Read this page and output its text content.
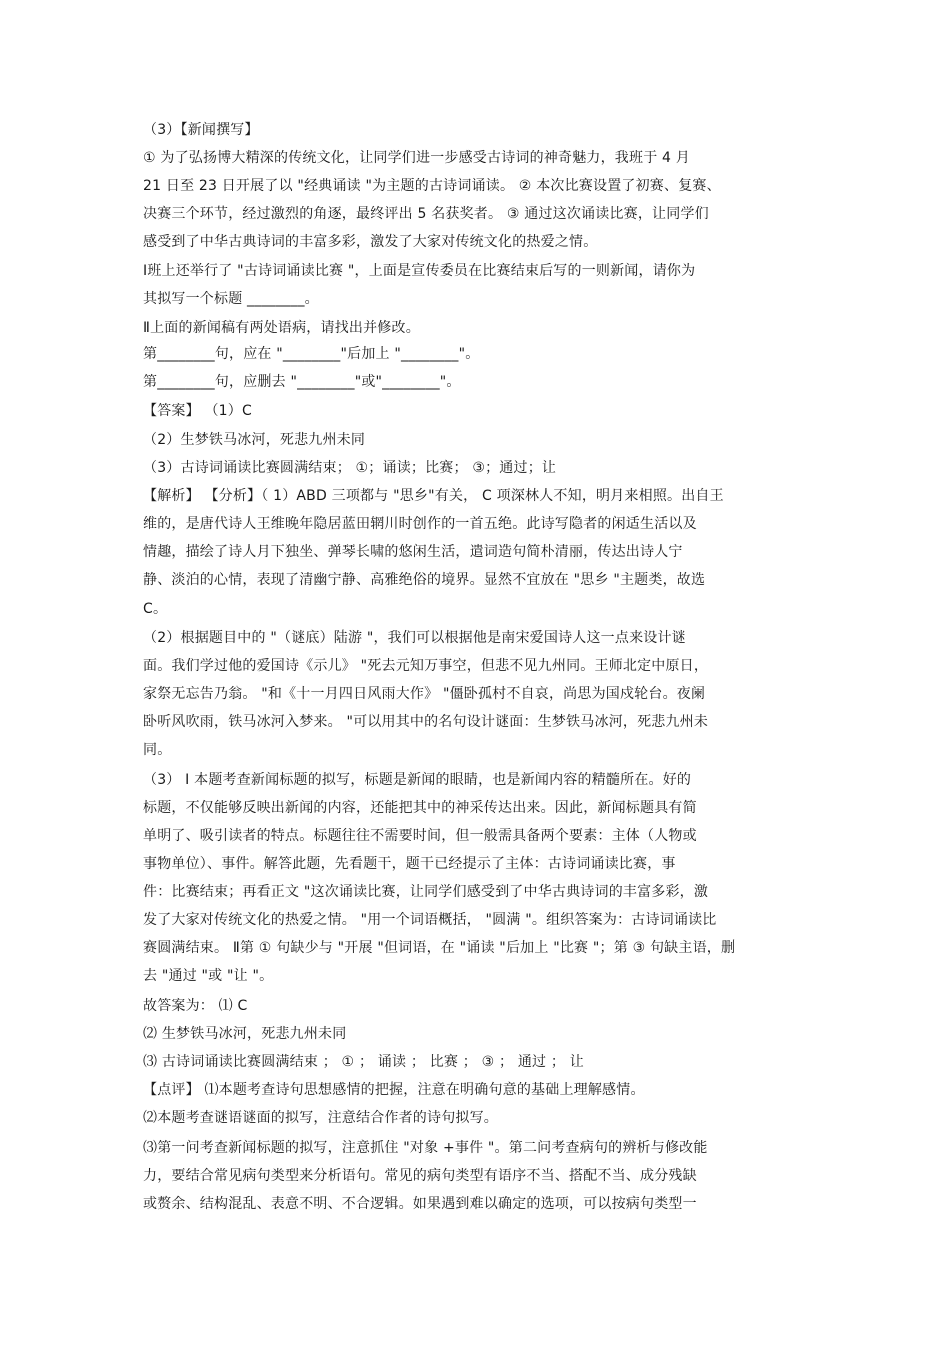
（3）【新闻撰写】
① 为了弘扬博大精深的传统文化，让同学们进一步感受古诗词的神奇魅力，我班于 4 月
21 日至 23 日开展了以 "经典诵读 "为主题的古诗词诵读。 ② 本次比赛设置了初赛、复赛、
决赛三个环节，经过激烈的角逐，最终评出 5 名获奖者。 ③ 通过这次诵读比赛，让同学们
感受到了中华古典诗词的丰富多彩，激发了大家对传统文化的热爱之情。
Ⅰ班上还举行了 "古诗词诵读比赛 "，上面是宣传委员在比赛结束后写的一则新闻，请你为
其拟写一个标题 ________。
Ⅱ上面的新闻稿有两处语病，请找出并修改。
第________句，应在 "________"后加上 "________"。
第________句，应删去 "________"或"________"。
【答案】 （1）C
（2）生梦铁马冰河，死悲九州未同
（3）古诗词诵读比赛圆满结束； ①；诵读；比赛； ③；通过；让
【解析】 【分析】（ 1）ABD 三项都与 "思乡"有关， C 项深林人不知，明月来相照。出自王
维的，是唐代诗人王维晚年隐居蓝田辋川时创作的一首五绝。此诗写隐者的闲适生活以及
情趣，描绘了诗人月下独坐、弹琴长啸的悠闲生活，遣词造句简朴清丽，传达出诗人宁
静、淡泊的心情，表现了清幽宁静、高雅绝俗的境界。显然不宜放在 "思乡 "主题类，故选
C。
（2）根据题目中的 "（谜底）陆游 "，我们可以根据他是南宋爱国诗人这一点来设计谜
面。我们学过他的爱国诗《示儿》 "死去元知万事空，但悲不见九州同。王师北定中原日，
家祭无忘告乃翁。 "和《十一月四日风雨大作》 "僵卧孤村不自哀，尚思为国戍轮台。夜阑
卧听风吹雨，铁马冰河入梦来。 "可以用其中的名句设计谜面：生梦铁马冰河，死悲九州未
同。
（3） Ⅰ 本题考查新闻标题的拟写，标题是新闻的眼睛，也是新闻内容的精髓所在。好的
标题，不仅能够反映出新闻的内容，还能把其中的神采传达出来。因此，新闻标题具有简
单明了、吸引读者的特点。标题往往不需要时间，但一般需具备两个要素：主体（人物或
事物单位）、事件。解答此题，先看题干，题干已经提示了主体：古诗词诵读比赛，事
件：比赛结束；再看正文 "这次诵读比赛，让同学们感受到了中华古典诗词的丰富多彩，激
发了大家对传统文化的热爱之情。 "用一个词语概括， "圆满 "。组织答案为：古诗词诵读比
赛圆满结束。 Ⅱ第 ① 句缺少与 "开展 "但词语，在 "诵读 "后加上 "比赛 "；第 ③ 句缺主语，删
去 "通过 "或 "让 "。
故答案为： ⑴ C
⑵ 生梦铁马冰河，死悲九州未同
⑶ 古诗词诵读比赛圆满结束 ； ① ； 诵读 ； 比赛 ； ③ ； 通过 ； 让
【点评】 ⑴本题考查诗句思想感情的把握，注意在明确句意的基础上理解感情。
⑵本题考查谜语谜面的拟写，注意结合作者的诗句拟写。
⑶第一问考查新闻标题的拟写，注意抓住 "对象 +事件 "。第二问考查病句的辨析与修改能
力，要结合常见病句类型来分析语句。常见的病句类型有语序不当、搭配不当、成分残缺
或赘余、结构混乱、表意不明、不合逻辑。如果遇到难以确定的选项，可以按病句类型一
